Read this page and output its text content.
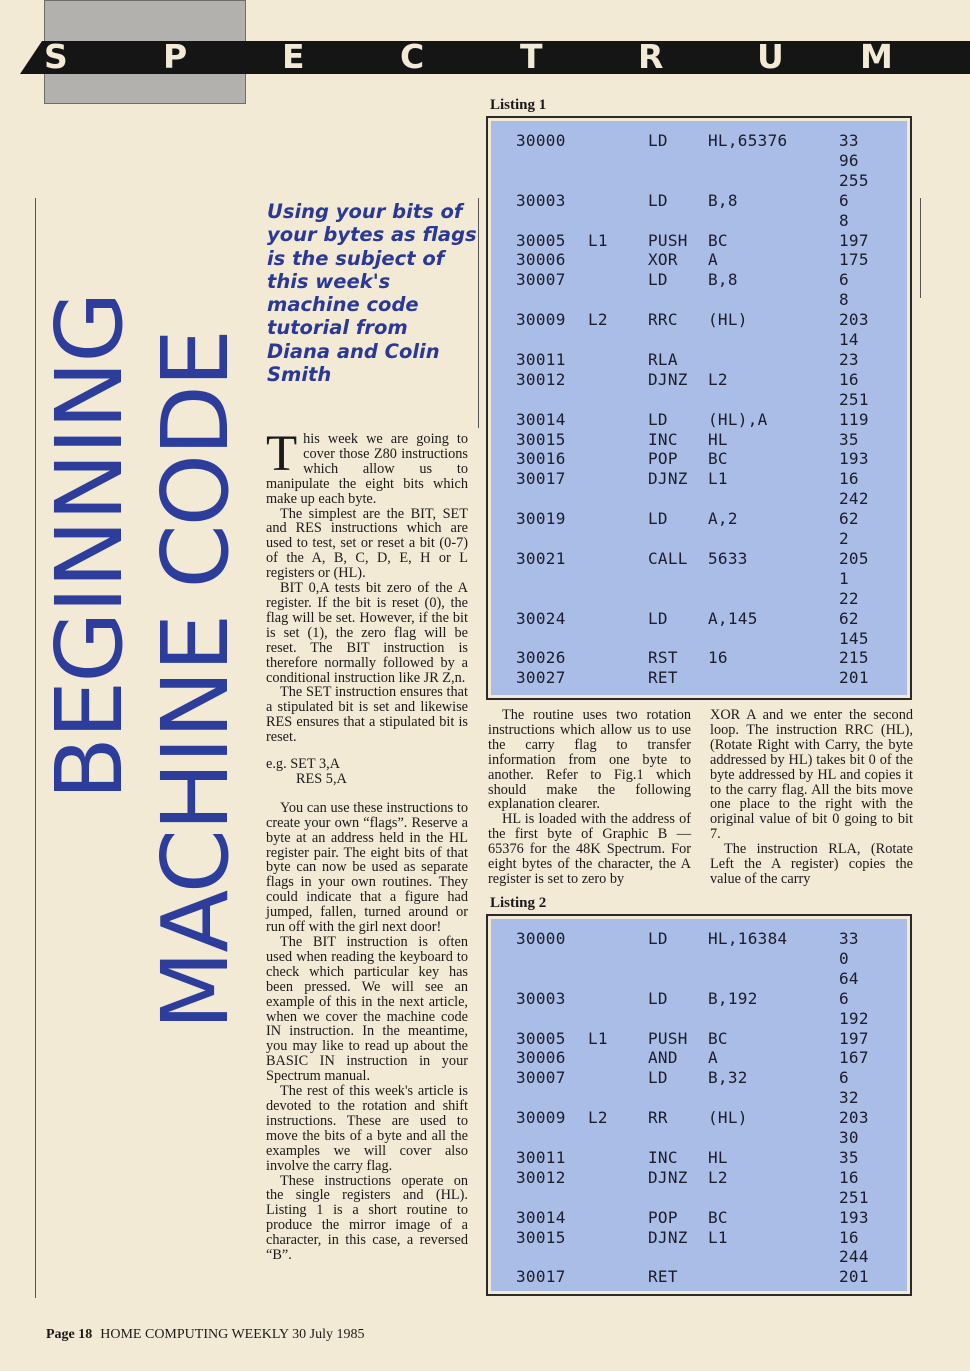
S	P	E	C	T	R	U M
BEGINNING MACHINE CODE
Using your bits of
your bytes as flags
is the subject of
this week's
machine code
tutorial from
Diana and Colin
Smith

This week we are going to cover those Z80 instructions which allow us to manipulate the eight bits which make up each byte.

The simplest are the BIT, SET and RES instructions which are used to test, set or reset a bit (0-7) of the A, B, C, D, E, H or L registers or (HL).

BIT 0,A tests bit zero of the A register. If the bit is reset (0), the flag will be set. However, if the bit is set (1), the zero flag will be reset. The BIT instruction is therefore normally followed by a conditional instruction like JR Z,n.

The SET instruction ensures that a stipulated bit is set and likewise RES ensures that a stipulated bit is reset.

e.g. SET 3,A
RES 5,A

You can use these instructions to create your own “flags”. Reserve a byte at an address held in the HL register pair. The eight bits of that byte can now be used as separate flags in your own routines. They could indicate that a figure had jumped, fallen, turned around or run off with the girl next door!

The BIT instruction is often used when reading the keyboard to check which particular key has been pressed. We will see an example of this in the next article, when we cover the machine code IN instruction. In the meantime, you may like to read up about the BASIC IN instruction in your Spectrum manual.

The rest of this week's article is devoted to the rotation and shift instructions. These are used to move the bits of a byte and all the examples we will cover also involve the carry flag.

These instructions operate on the single registers and (HL). Listing 1 is a short routine to produce the mirror image of a character, in this case, a reversed “B”.

Listing 1
30000	LD	HL,65376	33
96
255
30003	LD	B,8	6
8
30005 L1	PUSH BC	197
30006	XOR A	175
30007	LD	B,8	6
8
30009 L2	RRC (HL)	203
14
30011	RLA	23
30012	DJNZ L2	16
251
30014	LD	(HL),A	119
30015	INC HL	35
30016	POP BC	193
30017	DJNZ L1	16
242
30019	LD	A,2	62
2
30021	CALL 5633	205
1
22
30024	LD	A,145	62
145
30026	RST 16	215
30027	RET	201

The routine uses two rotation instructions which allow us to use the carry flag to transfer information from one byte to another. Refer to Fig.1 which should make the following explanation clearer.

HL is loaded with the address of the first byte of Graphic B — 65376 for the 48K Spectrum. For eight bytes of the character, the A register is set to zero by

XOR A and we enter the second loop. The instruction RRC (HL), (Rotate Right with Carry, the byte addressed by HL) takes bit 0 of the byte addressed by HL and copies it to the carry flag. All the bits move one place to the right with the original value of bit 0 going to bit 7.

The instruction RLA, (Rotate Left the A register) copies the value of the carry

Listing 2
30000	LD	HL,16384	33
0
64
30003	LD	B,192	6
192
30005 L1	PUSH BC	197
30006	AND A	167
30007	LD	B,32	6
32
30009 L2	RR	(HL)	203
30
30011	INC HL	35
30012	DJNZ L2	16
251
30014	POP BC	193
30015	DJNZ L1	16
244
30017	RET	201
Page 18 HOME COMPUTING WEEKLY 30 July 1985
